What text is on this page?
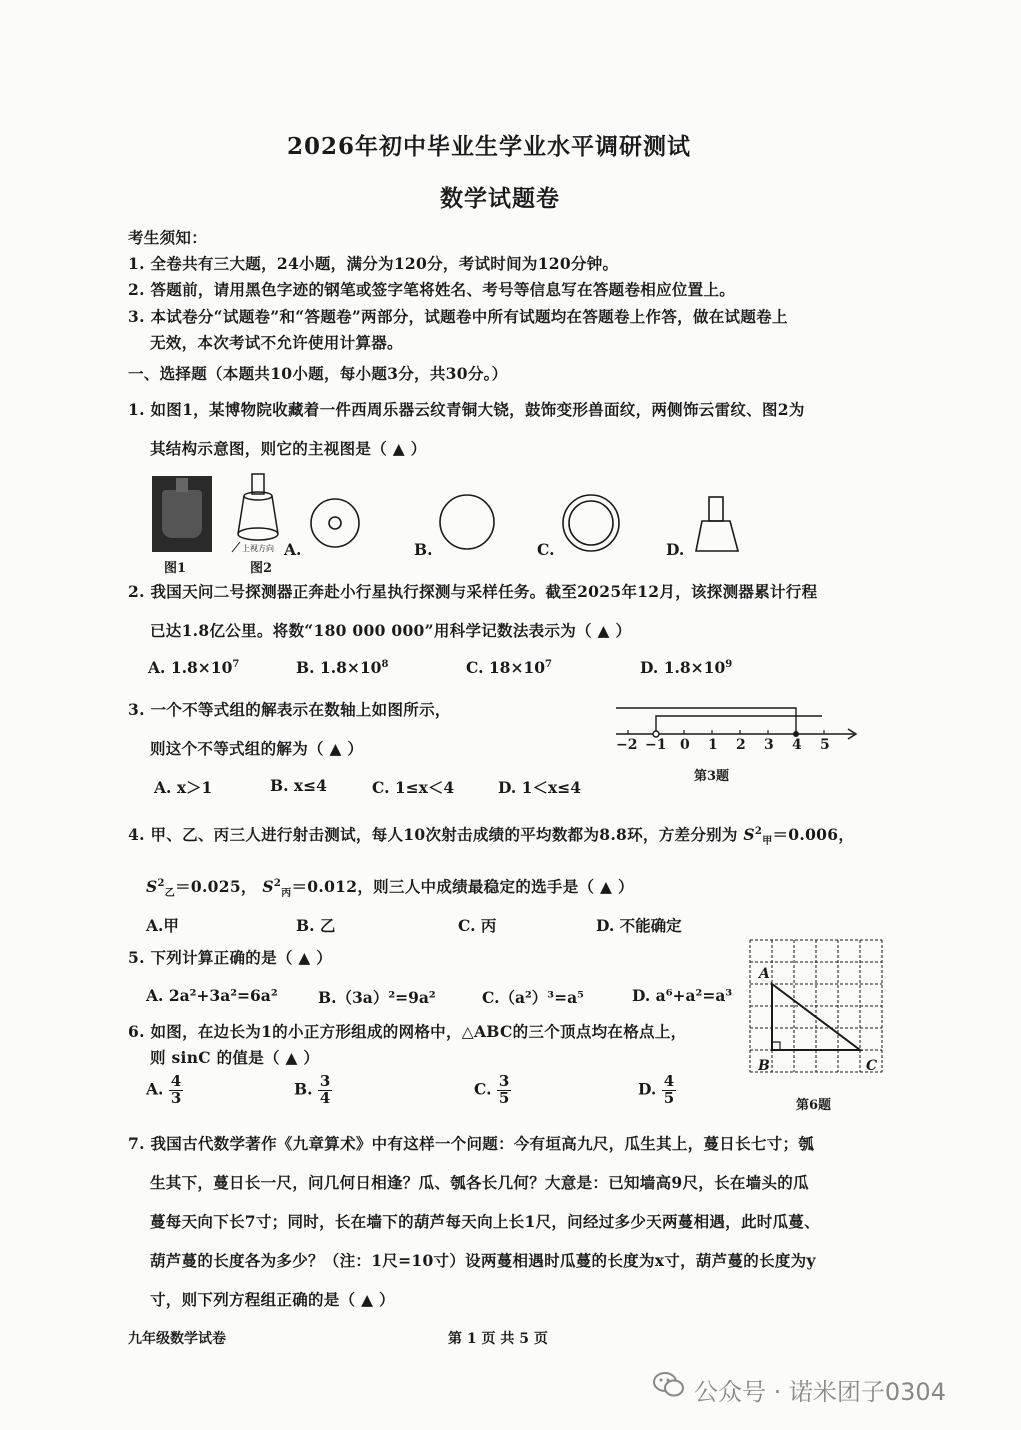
2026年初中毕业生学业水平调研测试
数学试题卷
考生须知：
1. 全卷共有三大题，24小题，满分为120分，考试时间为120分钟。
2. 答题前，请用黑色字迹的钢笔或签字笔将姓名、考号等信息写在答题卷相应位置上。
3. 本试卷分“试题卷”和“答题卷”两部分，试题卷中所有试题均在答题卷上作答，做在试题卷上
无效，本次考试不允许使用计算器。
一、选择题（本题共10小题，每小题3分，共30分。）
1. 如图1，某博物院收藏着一件西周乐器云纹青铜大铙，鼓饰变形兽面纹，两侧饰云雷纹、图2为
其结构示意图，则它的主视图是（ ▲ ）
图1
上视方向
图2
A.	B.	C.	D.
2. 我国天问二号探测器正奔赴小行星执行探测与采样任务。截至2025年12月，该探测器累计行程
已达1.8亿公里。将数“180 000 000”用科学记数法表示为（ ▲ ）
A. $1.8\times 10^7$	B. $1.8\times 10^8$	C. $18\times 10^7$	D. $1.8\times 10^9$
3. 一个不等式组的解表示在数轴上如图所示，
则这个不等式组的解为（ ▲ ）
A. x＞1	B. x≤4	C. 1≤x＜4	D. 1＜x≤4
−2 −1 0 1 2 3 4 5
第3题
4. 甲、乙、丙三人进行射击测试，每人10次射击成绩的平均数都为8.8环，方差分别为 $S^2_甲=0.006$，
$S^2_乙=0.025$， $S^2_丙=0.012$，则三人中成绩最稳定的选手是（ ▲ ）
A.甲	B. 乙	C. 丙	D. 不能确定
5. 下列计算正确的是（ ▲ ）
A. 2a²+3a²=6a²	B.（3a）²=9a²	C.（a²）³=a⁵	D. a⁶+a²=a³
6. 如图，在边长为1的小正方形组成的网格中，△ABC的三个顶点均在格点上，
则 sinC 的值是（ ▲ ）
A. $\frac{4}{3}$	B. $\frac{3}{4}$	C. $\frac{3}{5}$	D. $\frac{4}{5}$
A
B	C
第6题
7. 我国古代数学著作《九章算术》中有这样一个问题：今有垣高九尺，瓜生其上，蔓日长七寸；瓠
生其下，蔓日长一尺，问几何日相逢？瓜、瓠各长几何？大意是：已知墙高9尺，长在墙头的瓜
蔓每天向下长7寸；同时，长在墙下的葫芦每天向上长1尺，问经过多少天两蔓相遇，此时瓜蔓、
葫芦蔓的长度各为多少？（注：1尺=10寸）设两蔓相遇时瓜蔓的长度为x寸，葫芦蔓的长度为y
寸，则下列方程组正确的是（ ▲ ）
九年级数学试卷	第 1 页 共 5 页
公众号 · 诺米团子0304
